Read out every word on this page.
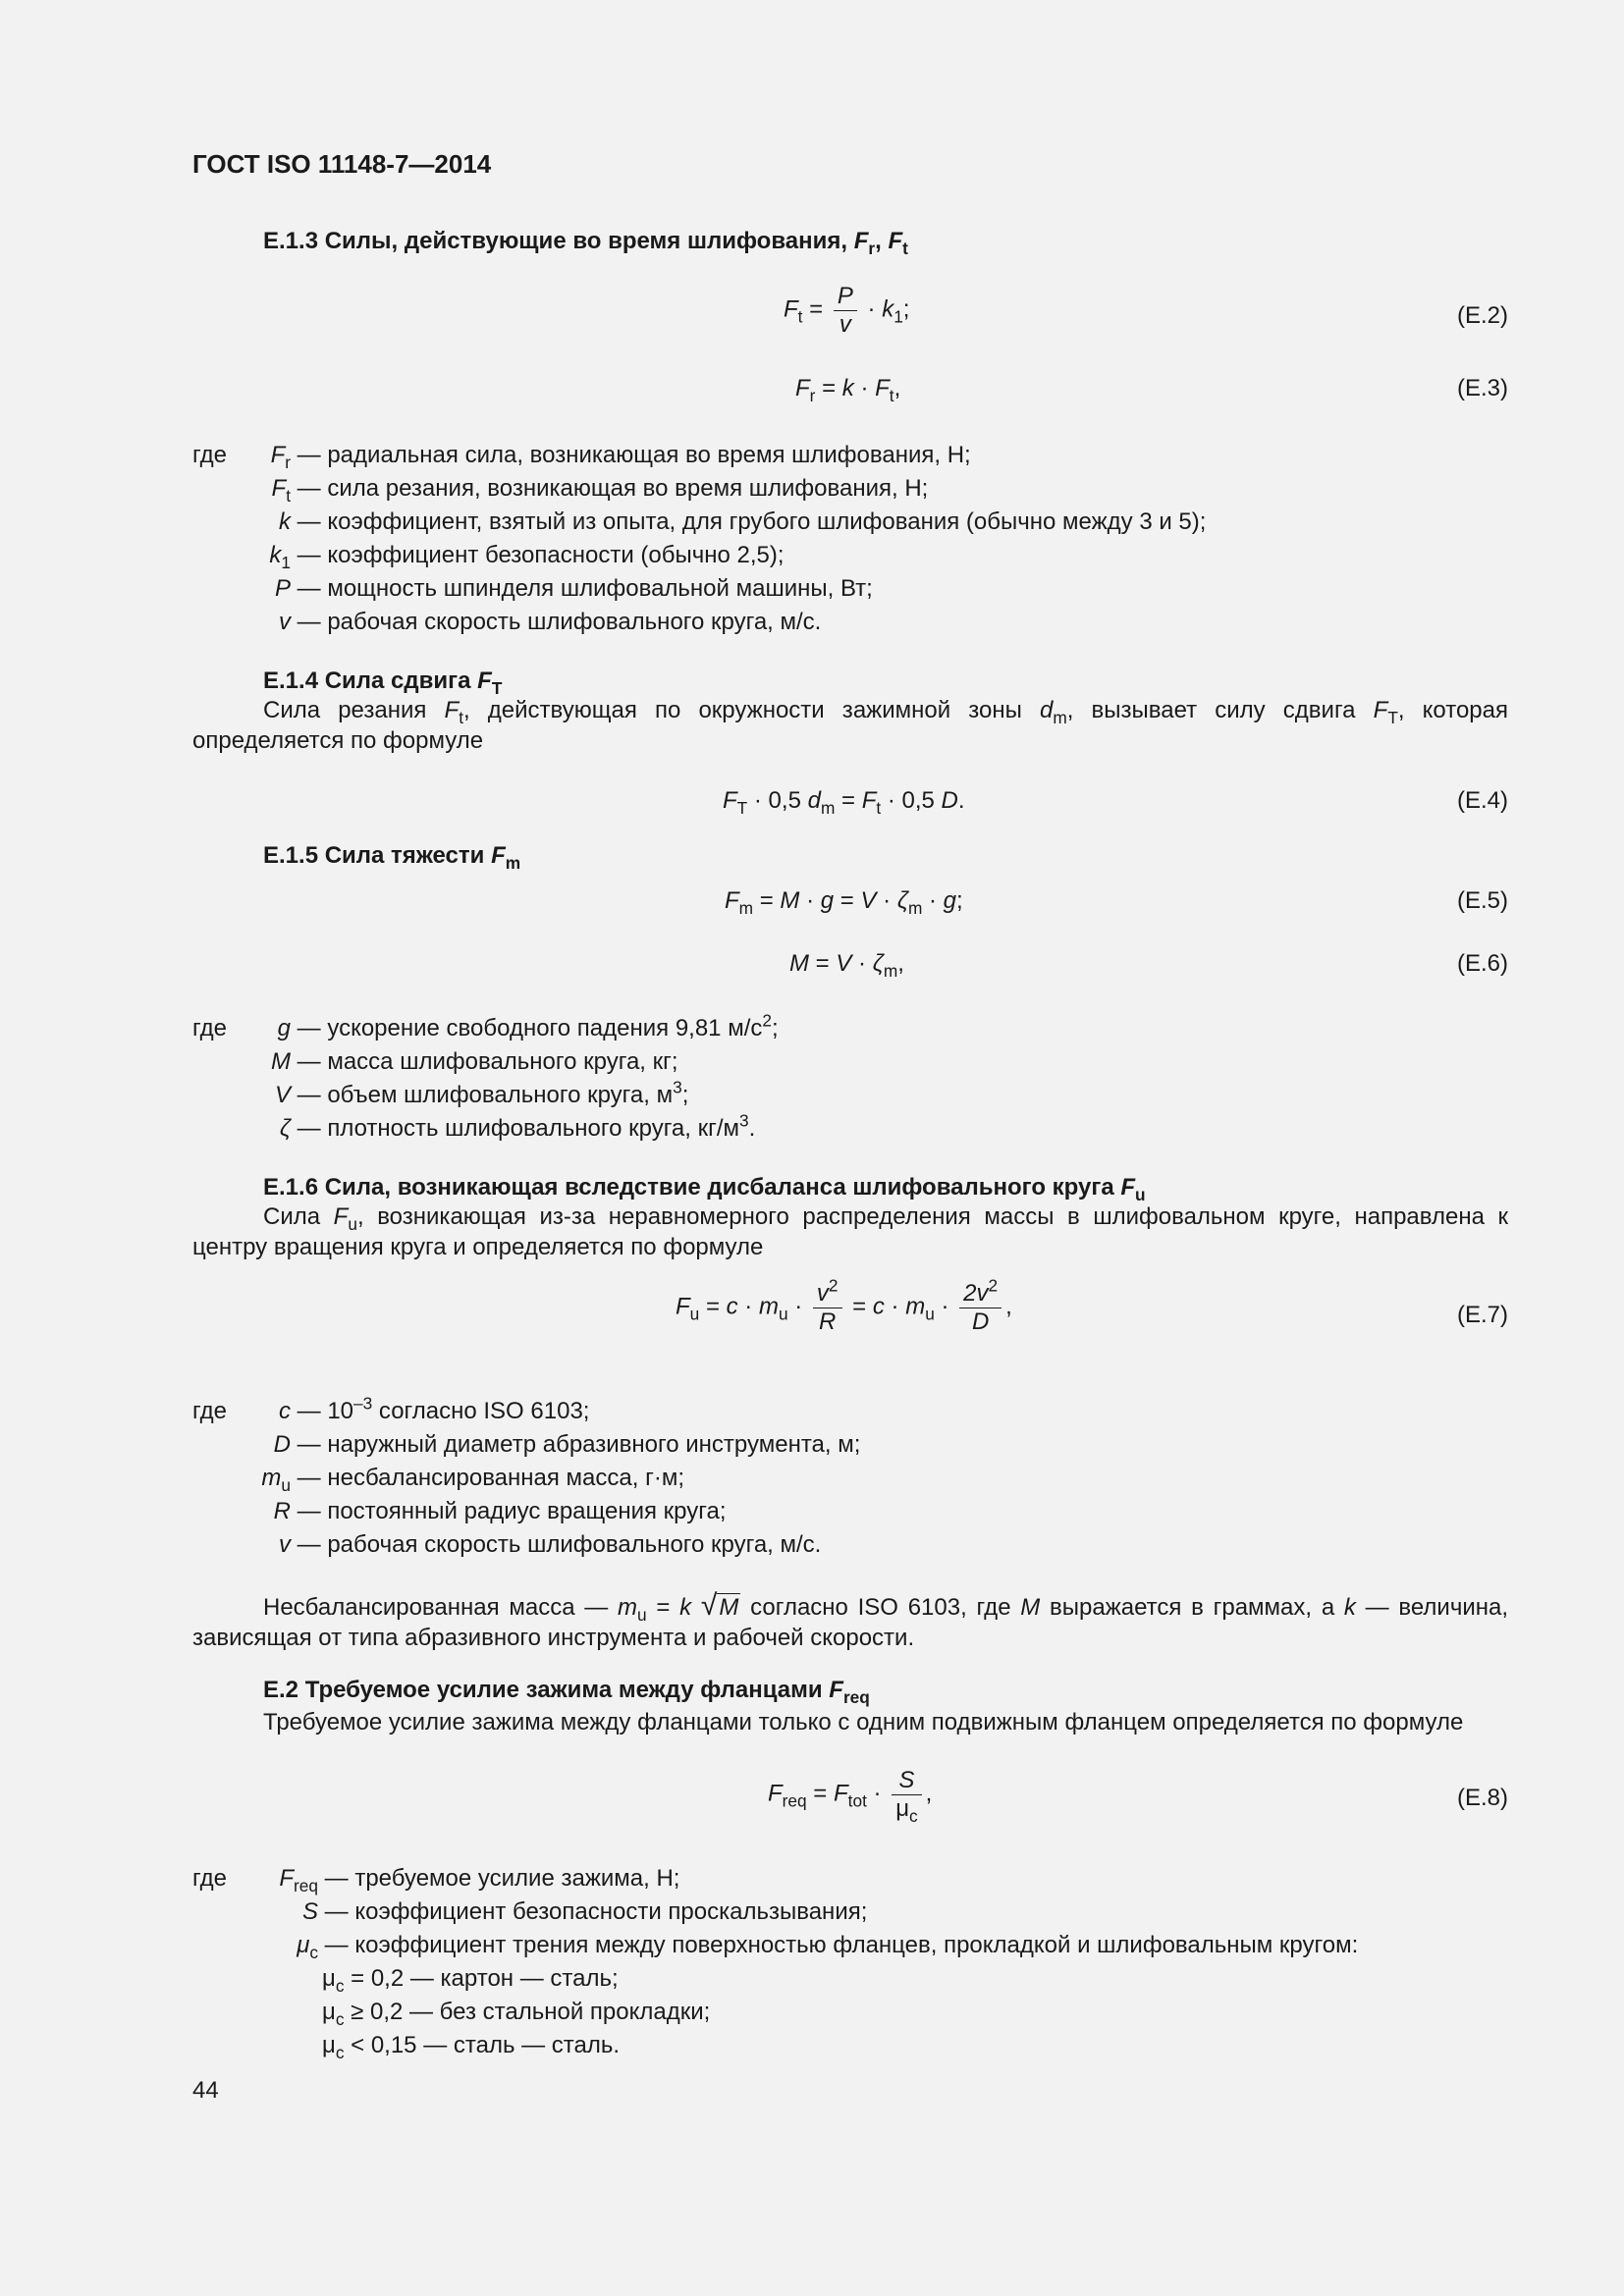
ГОСТ ISO 11148-7—2014
E.1.3 Силы, действующие во время шлифования, $F_r$, $F_t$
$F_t = \frac{P}{v} \cdot k_1$;	(E.2)
$F_r = k \cdot F_t$,	(E.3)
гдеF$_r$ — радиальная сила, возникающая во время шлифования, Н;
$F_t$ — сила резания, возникающая во время шлифования, Н;
k — коэффициент, взятый из опыта, для грубого шлифования (обычно между 3 и 5);
$k_1$ — коэффициент безопасности (обычно 2,5);
P — мощность шпинделя шлифовальной машины, Вт;
v — рабочая скорость шлифовального круга, м/с.
E.1.4 Сила сдвига $F_T$
Сила резания $F_t$, действующая по окружности зажимной зоны $d_m$, вызывает силу сдвига $F_T$, которая определяется по формуле
$F_T \cdot 0,5$ $d_m = F_t \cdot 0,5$ D.	(E.4)
E.1.5 Сила тяжести $F_m$
$F_m = M \cdot g = V \cdot \zeta_m \cdot g$;	(E.5)
$M = V \cdot \zeta_m$,	(E.6)
гдеg — ускорение свободного падения 9,81 $м/с^2$;
M — масса шлифовального круга, кг;
V — объем шлифовального круга, $м^3$;
ζ — плотность шлифовального круга, $кг/м^3$.
E.1.6 Сила, возникающая вследствие дисбаланса шлифовального круга $F_u$
Сила $F_u$, возникающая из-за неравномерного распределения массы в шлифовальном круге, направлена к центру вращения круга и определяется по формуле
$F_u = c \cdot m_u \cdot \frac{v^2}{R} = c \cdot m_u \cdot \frac{2v^2}{D}$ ,	(E.7)
гдеc — $10^{-3}$ согласно ISO 6103;
D — наружный диаметр абразивного инструмента, м;
$m_u$ — несбалансированная масса, г·м;
R — постоянный радиус вращения круга;
v — рабочая скорость шлифовального круга, м/с.
Несбалансированная масса — $m_u = k$ √M согласно ISO 6103, где M выражается в граммах, а k — величина, зависящая от типа абразивного инструмента и рабочей скорости.
E.2 Требуемое усилие зажима между фланцами $F_{req}$
Требуемое усилие зажима между фланцами только с одним подвижным фланцем определяется по формуле
$F_{req} = F_{tot} \cdot \frac{S}{\mu_c}$ ,	(E.8)
гдеF$_{req}$ — требуемое усилие зажима, Н;
S — коэффициент безопасности проскальзывания;
$\mu_c$ — коэффициент трения между поверхностью фланцев, прокладкой и шлифовальным кругом:
$\mu_c = 0,2$ — картон — сталь;
$\mu_c \ge 0,2$ — без стальной прокладки;
$\mu_c < 0,15$ — сталь — сталь.
44
